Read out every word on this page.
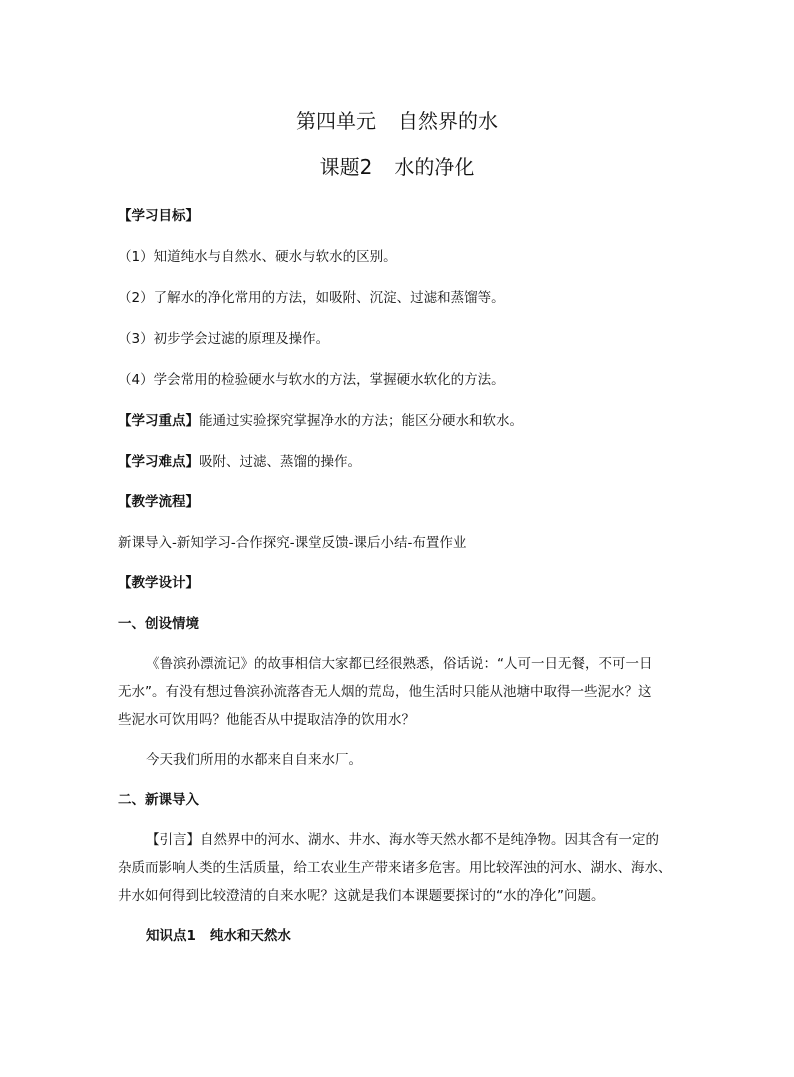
第四单元 自然界的水
课题2 水的净化
【学习目标】
（1）知道纯水与自然水、硬水与软水的区别。
（2）了解水的净化常用的方法，如吸附、沉淀、过滤和蒸馏等。
（3）初步学会过滤的原理及操作。
（4）学会常用的检验硬水与软水的方法，掌握硬水软化的方法。
【学习重点】能通过实验探究掌握净水的方法；能区分硬水和软水。
【学习难点】吸附、过滤、蒸馏的操作。
【教学流程】
新课导入-新知学习-合作探究-课堂反馈-课后小结-布置作业
【教学设计】
一、创设情境
《鲁滨孙漂流记》的故事相信大家都已经很熟悉，俗话说：“人可一日无餐，不可一日
无水”。有没有想过鲁滨孙流落杳无人烟的荒岛，他生活时只能从池塘中取得一些泥水？这
些泥水可饮用吗？他能否从中提取洁净的饮用水？
今天我们所用的水都来自自来水厂。
二、新课导入
【引言】自然界中的河水、湖水、井水、海水等天然水都不是纯净物。因其含有一定的
杂质而影响人类的生活质量，给工农业生产带来诸多危害。用比较浑浊的河水、湖水、海水、
井水如何得到比较澄清的自来水呢？这就是我们本课题要探讨的“水的净化”问题。
知识点1 纯水和天然水
